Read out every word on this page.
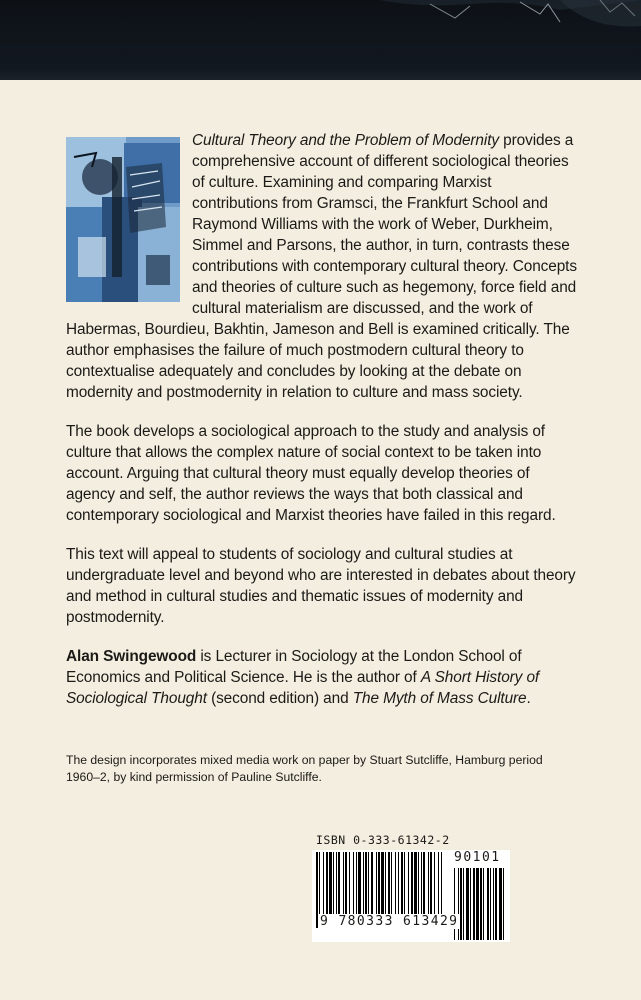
Cultural Theory and the Problem of Modernity provides a comprehensive account of different sociological theories of culture. Examining and comparing Marxist contributions from Gramsci, the Frankfurt School and Raymond Williams with the work of Weber, Durkheim, Simmel and Parsons, the author, in turn, contrasts these contributions with contemporary cultural theory. Concepts and theories of culture such as hegemony, force field and cultural materialism are discussed, and the work of Habermas, Bourdieu, Bakhtin, Jameson and Bell is examined critically. The author emphasises the failure of much postmodern cultural theory to contextualise adequately and concludes by looking at the debate on modernity and postmodernity in relation to culture and mass society.

The book develops a sociological approach to the study and analysis of culture that allows the complex nature of social context to be taken into account. Arguing that cultural theory must equally develop theories of agency and self, the author reviews the ways that both classical and contemporary sociological and Marxist theories have failed in this regard.

This text will appeal to students of sociology and cultural studies at undergraduate level and beyond who are interested in debates about theory and method in cultural studies and thematic issues of modernity and postmodernity.

Alan Swingewood is Lecturer in Sociology at the London School of Economics and Political Science. He is the author of A Short History of Sociological Thought (second edition) and The Myth of Mass Culture.

The design incorporates mixed media work on paper by Stuart Sutcliffe, Hamburg period 1960–2, by kind permission of Pauline Sutcliffe.

ISBN 0-333-61342-2
9 780333 613429
90101
